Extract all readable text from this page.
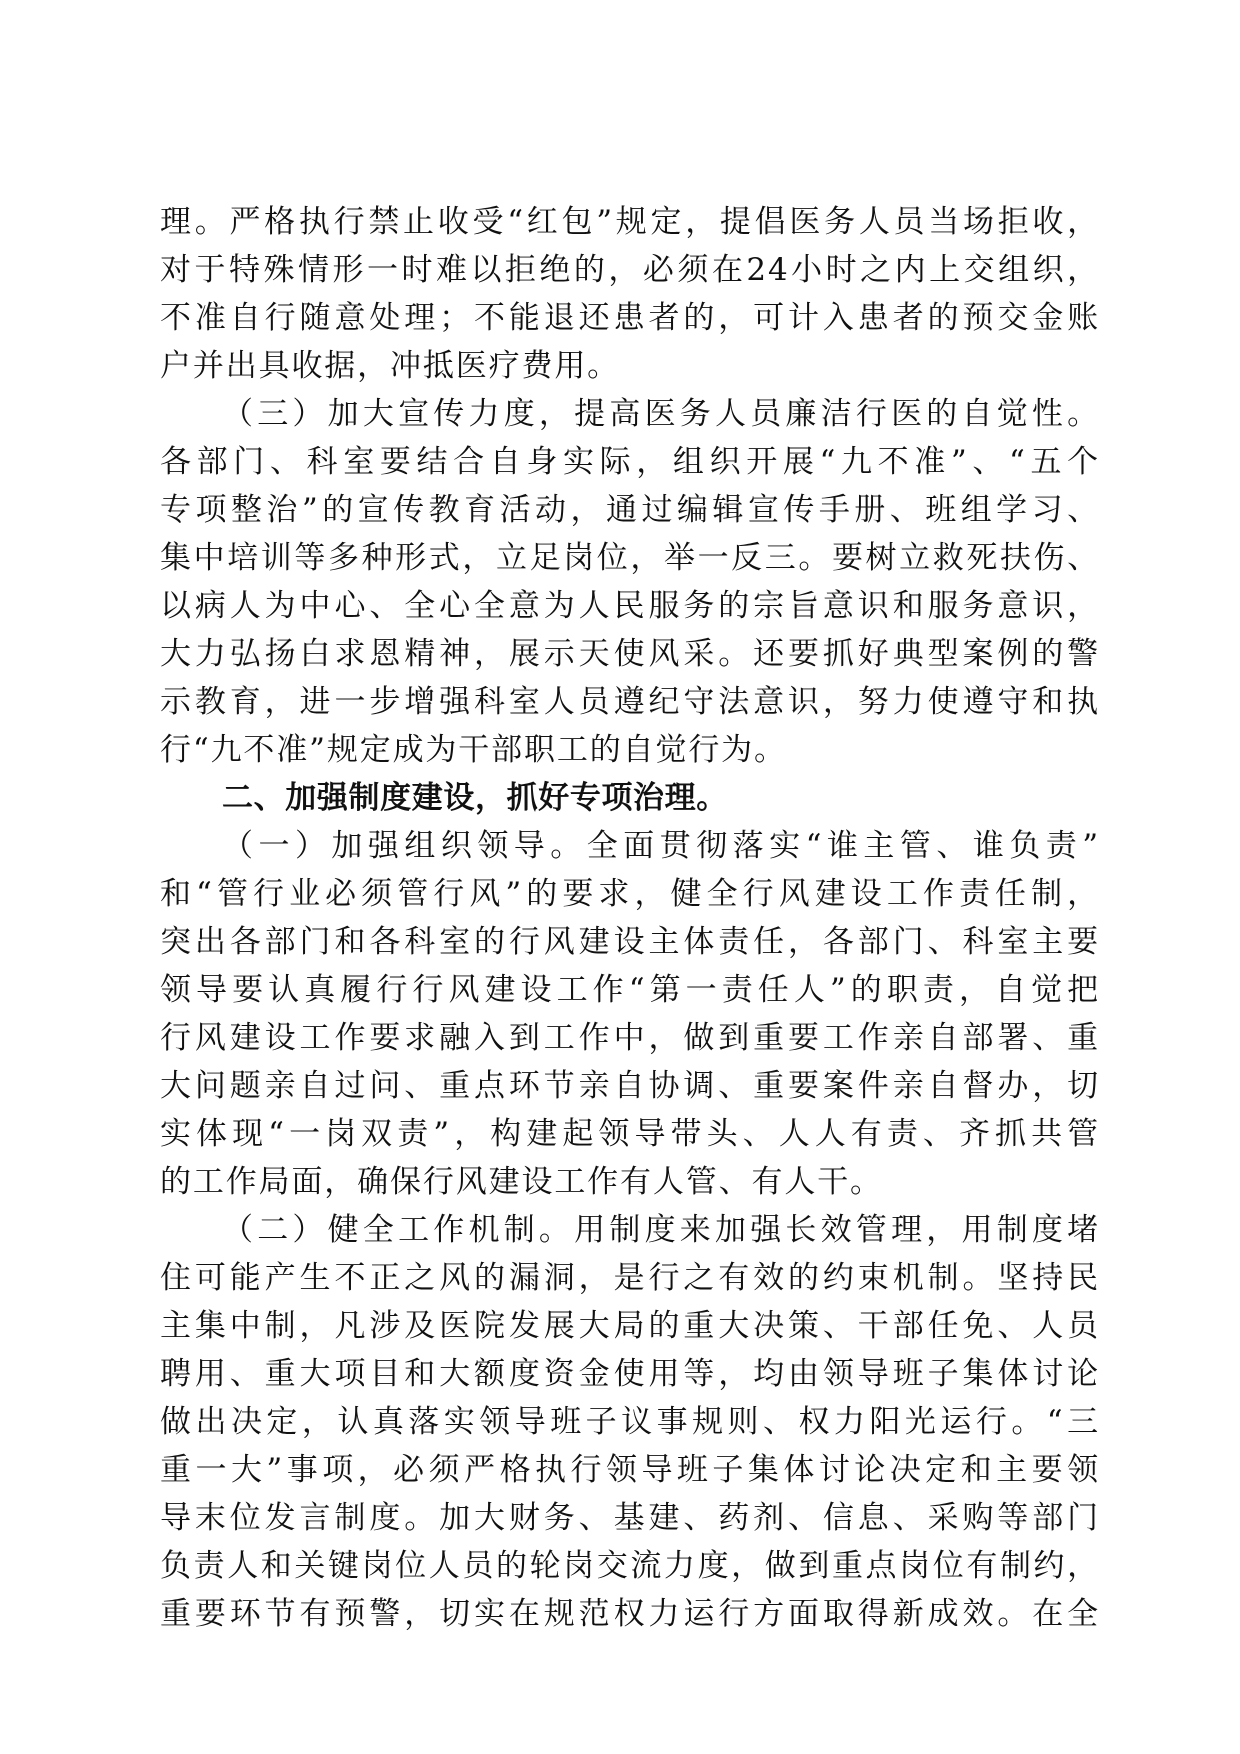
理。严格执行禁止收受“红包”规定，提倡医务人员当场拒收，
对于特殊情形一时难以拒绝的，必须在24小时之内上交组织，
不准自行随意处理；不能退还患者的，可计入患者的预交金账
户并出具收据，冲抵医疗费用。
（三）加大宣传力度，提高医务人员廉洁行医的自觉性。
各部门、科室要结合自身实际，组织开展“九不准”、“五个
专项整治”的宣传教育活动，通过编辑宣传手册、班组学习、
集中培训等多种形式，立足岗位，举一反三。要树立救死扶伤、
以病人为中心、全心全意为人民服务的宗旨意识和服务意识，
大力弘扬白求恩精神，展示天使风采。还要抓好典型案例的警
示教育，进一步增强科室人员遵纪守法意识，努力使遵守和执
行“九不准”规定成为干部职工的自觉行为。
二、加强制度建设，抓好专项治理。
（一）加强组织领导。全面贯彻落实“谁主管、谁负责”
和“管行业必须管行风”的要求，健全行风建设工作责任制，
突出各部门和各科室的行风建设主体责任，各部门、科室主要
领导要认真履行行风建设工作“第一责任人”的职责，自觉把
行风建设工作要求融入到工作中，做到重要工作亲自部署、重
大问题亲自过问、重点环节亲自协调、重要案件亲自督办，切
实体现“一岗双责”，构建起领导带头、人人有责、齐抓共管
的工作局面，确保行风建设工作有人管、有人干。
（二）健全工作机制。用制度来加强长效管理，用制度堵
住可能产生不正之风的漏洞，是行之有效的约束机制。坚持民
主集中制，凡涉及医院发展大局的重大决策、干部任免、人员
聘用、重大项目和大额度资金使用等，均由领导班子集体讨论
做出决定，认真落实领导班子议事规则、权力阳光运行。“三
重一大”事项，必须严格执行领导班子集体讨论决定和主要领
导末位发言制度。加大财务、基建、药剂、信息、采购等部门
负责人和关键岗位人员的轮岗交流力度，做到重点岗位有制约，
重要环节有预警，切实在规范权力运行方面取得新成效。在全
